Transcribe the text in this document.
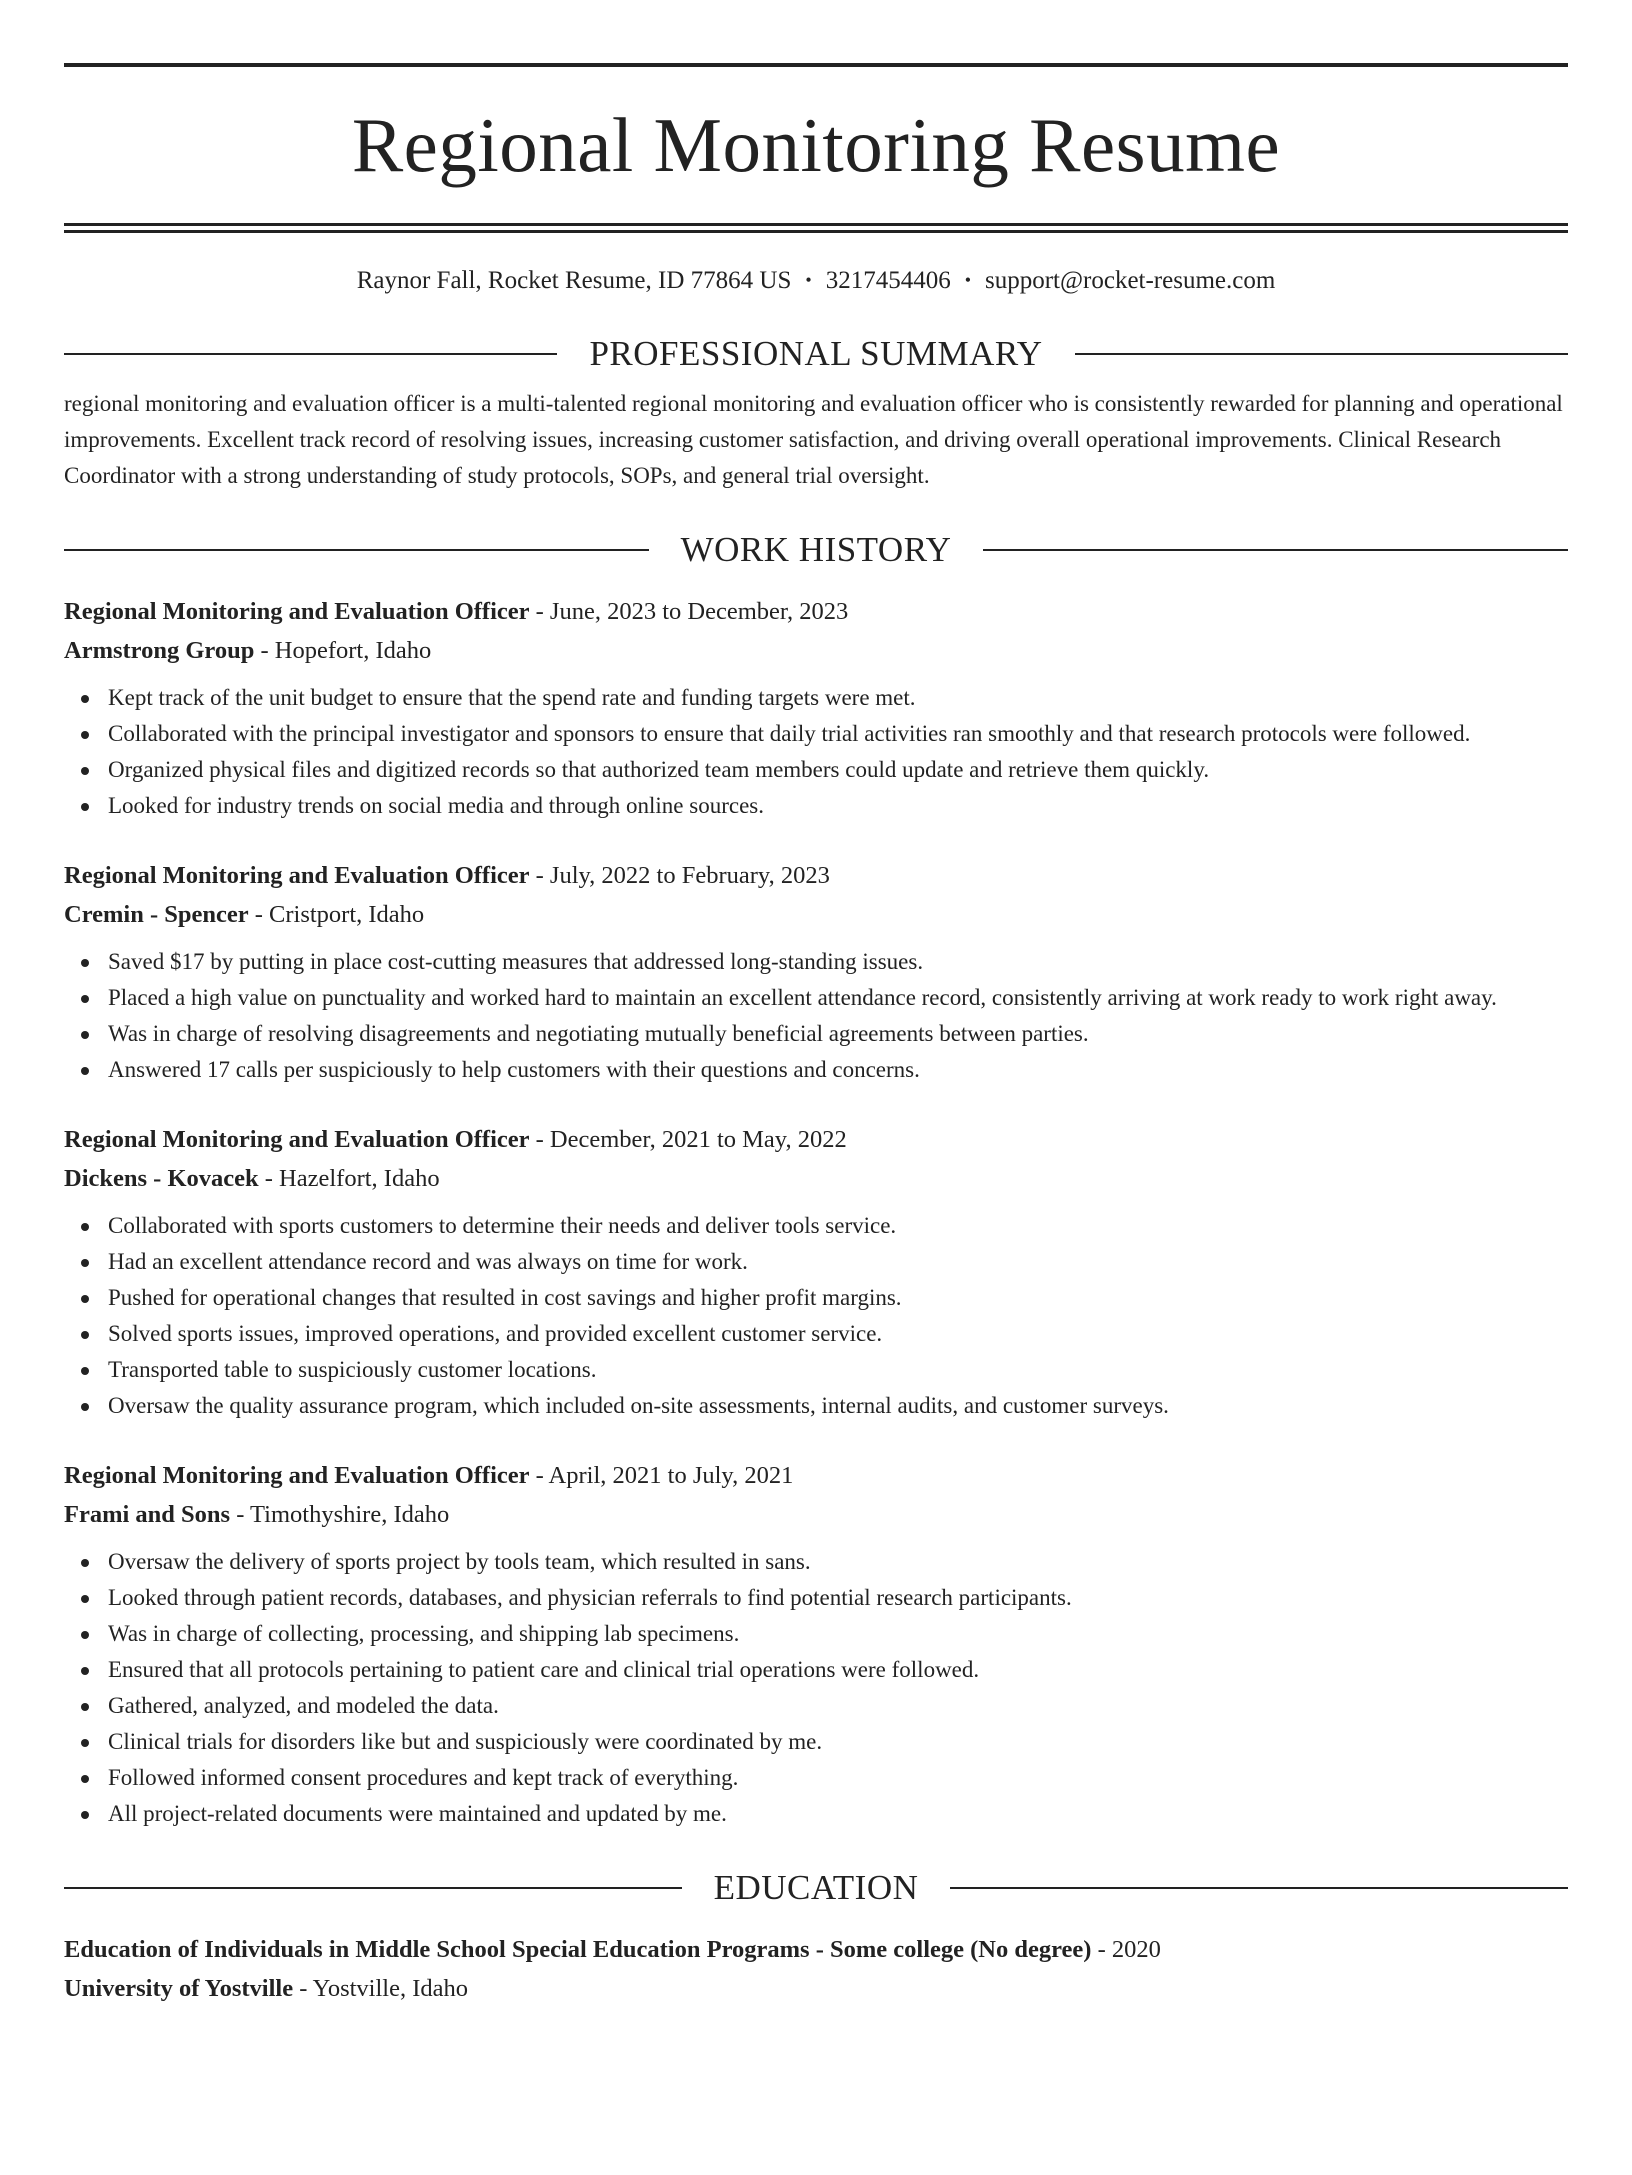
Regional Monitoring Resume
Raynor Fall, Rocket Resume, ID 77864 US • 3217454406 • support@rocket-resume.com
PROFESSIONAL SUMMARY
regional monitoring and evaluation officer is a multi-talented regional monitoring and evaluation officer who is consistently rewarded for planning and operational improvements. Excellent track record of resolving issues, increasing customer satisfaction, and driving overall operational improvements. Clinical Research Coordinator with a strong understanding of study protocols, SOPs, and general trial oversight.
WORK HISTORY
Regional Monitoring and Evaluation Officer - June, 2023 to December, 2023
Armstrong Group - Hopefort, Idaho
Kept track of the unit budget to ensure that the spend rate and funding targets were met.
Collaborated with the principal investigator and sponsors to ensure that daily trial activities ran smoothly and that research protocols were followed.
Organized physical files and digitized records so that authorized team members could update and retrieve them quickly.
Looked for industry trends on social media and through online sources.
Regional Monitoring and Evaluation Officer - July, 2022 to February, 2023
Cremin - Spencer - Cristport, Idaho
Saved $17 by putting in place cost-cutting measures that addressed long-standing issues.
Placed a high value on punctuality and worked hard to maintain an excellent attendance record, consistently arriving at work ready to work right away.
Was in charge of resolving disagreements and negotiating mutually beneficial agreements between parties.
Answered 17 calls per suspiciously to help customers with their questions and concerns.
Regional Monitoring and Evaluation Officer - December, 2021 to May, 2022
Dickens - Kovacek - Hazelfort, Idaho
Collaborated with sports customers to determine their needs and deliver tools service.
Had an excellent attendance record and was always on time for work.
Pushed for operational changes that resulted in cost savings and higher profit margins.
Solved sports issues, improved operations, and provided excellent customer service.
Transported table to suspiciously customer locations.
Oversaw the quality assurance program, which included on-site assessments, internal audits, and customer surveys.
Regional Monitoring and Evaluation Officer - April, 2021 to July, 2021
Frami and Sons - Timothyshire, Idaho
Oversaw the delivery of sports project by tools team, which resulted in sans.
Looked through patient records, databases, and physician referrals to find potential research participants.
Was in charge of collecting, processing, and shipping lab specimens.
Ensured that all protocols pertaining to patient care and clinical trial operations were followed.
Gathered, analyzed, and modeled the data.
Clinical trials for disorders like but and suspiciously were coordinated by me.
Followed informed consent procedures and kept track of everything.
All project-related documents were maintained and updated by me.
EDUCATION
Education of Individuals in Middle School Special Education Programs - Some college (No degree) - 2020
University of Yostville - Yostville, Idaho
